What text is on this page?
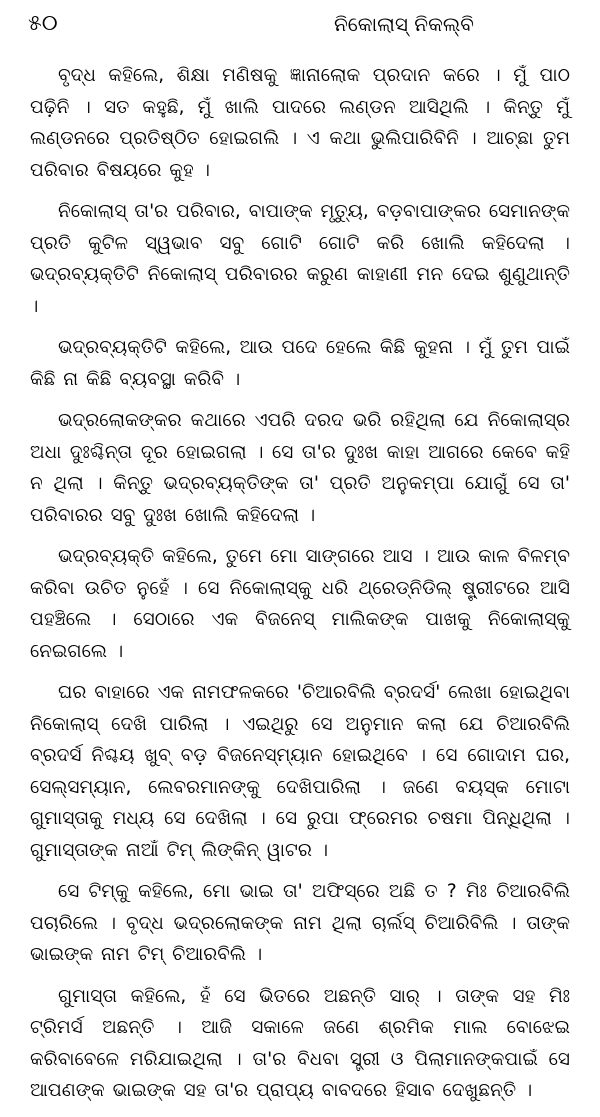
୫୦	ନିକୋଲାସ୍ ନିକଲ୍‌ବି

ବୃଦ୍ଧ କହିଲେ, ଶିକ୍ଷା ମଣିଷକୁ ଜ୍ଞାନାଲୋକ ପ୍ରଦାନ କରେ । ମୁଁ ପାଠ ପଢ଼ିନି । ସତ କହୁଛି, ମୁଁ ଖାଲି ପାଦରେ ଲଣ୍ଡନ ଆସିଥିଲି । କିନ୍ତୁ ମୁଁ ଲଣ୍ଡନରେ ପ୍ରତିଷ୍ଠିତ ହୋଇଗଲି । ଏ କଥା ଭୁଲିପାରିବିନି । ଆଚ୍ଛା ତୁମ ପରିବାର ବିଷୟରେ କୁହ ।

ନିକୋଲାସ୍ ତା'ର ପରିବାର, ବାପାଙ୍କ ମୃତ୍ୟୁ, ବଡ଼ବାପାଙ୍କର ସେମାନଙ୍କ ପ୍ରତି କୁଟିଳ ସ୍ୱଭାବ ସବୁ ଗୋଟି ଗୋଟି କରି ଖୋଲି କହିଦେଲା । ଭଦ୍ରବ୍ୟକ୍ତିଟି ନିକୋଲାସ୍ ପରିବାରର କରୁଣ କାହାଣୀ ମନ ଦେଇ ଶୁଣୁଥାନ୍ତି ।

ଭଦ୍ରବ୍ୟକ୍ତିଟି କହିଲେ, ଆଉ ପଦେ ହେଲେ କିଛି କୁହନା । ମୁଁ ତୁମ ପାଇଁ କିଛି ନା କିଛି ବ୍ୟବସ୍ଥା କରିବି ।

ଭଦ୍ରଲୋକଙ୍କର କଥାରେ ଏପରି ଦରଦ ଭରି ରହିଥିଲା ଯେ ନିକୋଲାସ୍‌ର ଅଧା ଦୁଃଶ୍ଚିନ୍ତା ଦୂର ହୋଇଗଲା । ସେ ତା'ର ଦୁଃଖ କାହା ଆଗରେ କେବେ କହି ନ ଥିଲା । କିନ୍ତୁ ଭଦ୍ରବ୍ୟକ୍ତିଙ୍କ ତା' ପ୍ରତି ଅନୁକମ୍ପା ଯୋଗୁଁ ସେ ତା' ପରିବାରର ସବୁ ଦୁଃଖ ଖୋଲି କହିଦେଲା ।

ଭଦ୍ରବ୍ୟକ୍ତି କହିଲେ, ତୁମେ ମୋ ସାଙ୍ଗରେ ଆସ । ଆଉ କାଳ ବିଳମ୍ବ କରିବା ଉଚିତ ନୁହେଁ । ସେ ନିକୋଲାସ୍‌କୁ ଧରି ଥ୍ରେଡ୍‌ନିଡିଲ୍ ଷ୍ଟ୍ରୀଟରେ ଆସି ପହଞ୍ଚିଲେ । ସେଠାରେ ଏକ ବିଜନେସ୍ ମାଲିକଙ୍କ ପାଖକୁ ନିକୋଲାସ୍‌କୁ ନେଇଗଲେ ।

ଘର ବାହାରେ ଏକ ନାମଫଳକରେ 'ଚିଆରବିଲି ବ୍ରଦର୍ସ' ଲେଖା ହୋଇଥିବା ନିକୋଲାସ୍ ଦେଖି ପାରିଲା । ଏଇଥିରୁ ସେ ଅନୁମାନ କଲା ଯେ ଚିଆରବିଲି ବ୍ରଦର୍ସ ନିଶ୍ଚୟ ଖୁବ୍ ବଡ଼ ବିଜନେସ୍‌ମ୍ୟାନ ହୋଇଥିବେ । ସେ ଗୋଦାମ ଘର, ସେଲ୍‌ସମ୍ୟାନ, ଲେବରମାନଙ୍କୁ ଦେଖିପାରିଲା । ଜଣେ ବୟସ୍କ ମୋଟା ଗୁମାସ୍ତାକୁ ମଧ୍ୟ ସେ ଦେଖିଲା । ସେ ରୁପା ଫ୍ରେମର ଚଷମା ପିନ୍ଧିଥିଲା । ଗୁମାସ୍ତାଙ୍କ ନାଆଁ ଟିମ୍ ଲିଙ୍କିନ୍ ୱାଟର ।

ସେ ଟିମ୍‌କୁ କହିଲେ, ମୋ ଭାଇ ତା' ଅଫିସ୍‌ରେ ଅଛି ତ ? ମିଃ ଚିଆରବିଲି ପଚାରିଲେ । ବୃଦ୍ଧ ଭଦ୍ରଲୋକଙ୍କ ନାମ ଥିଲା ଚାର୍ଲସ୍ ଚିଆରିବିଲି । ତାଙ୍କ ଭାଇଙ୍କ ନାମ ଟିମ୍ ଚିଆରବିଲି ।

ଗୁମାସ୍ତା କହିଲେ, ହଁ ସେ ଭିତରେ ଅଛନ୍ତି ସାର୍ । ତାଙ୍କ ସହ ମିଃ ଟ୍ରିମର୍ସ ଅଛନ୍ତି । ଆଜି ସକାଳେ ଜଣେ ଶ୍ରମିକ ମାଲ ବୋଝେଇ କରିବାବେଳେ ମରିଯାଇଥିଲା । ତା'ର ବିଧବା ସ୍ତ୍ରୀ ଓ ପିଲାମାନଙ୍କପାଇଁ ସେ ଆପଣଙ୍କ ଭାଇଙ୍କ ସହ ତା'ର ପ୍ରାପ୍ୟ ବାବଦରେ ହିସାବ ଦେଖୁଛନ୍ତି ।
